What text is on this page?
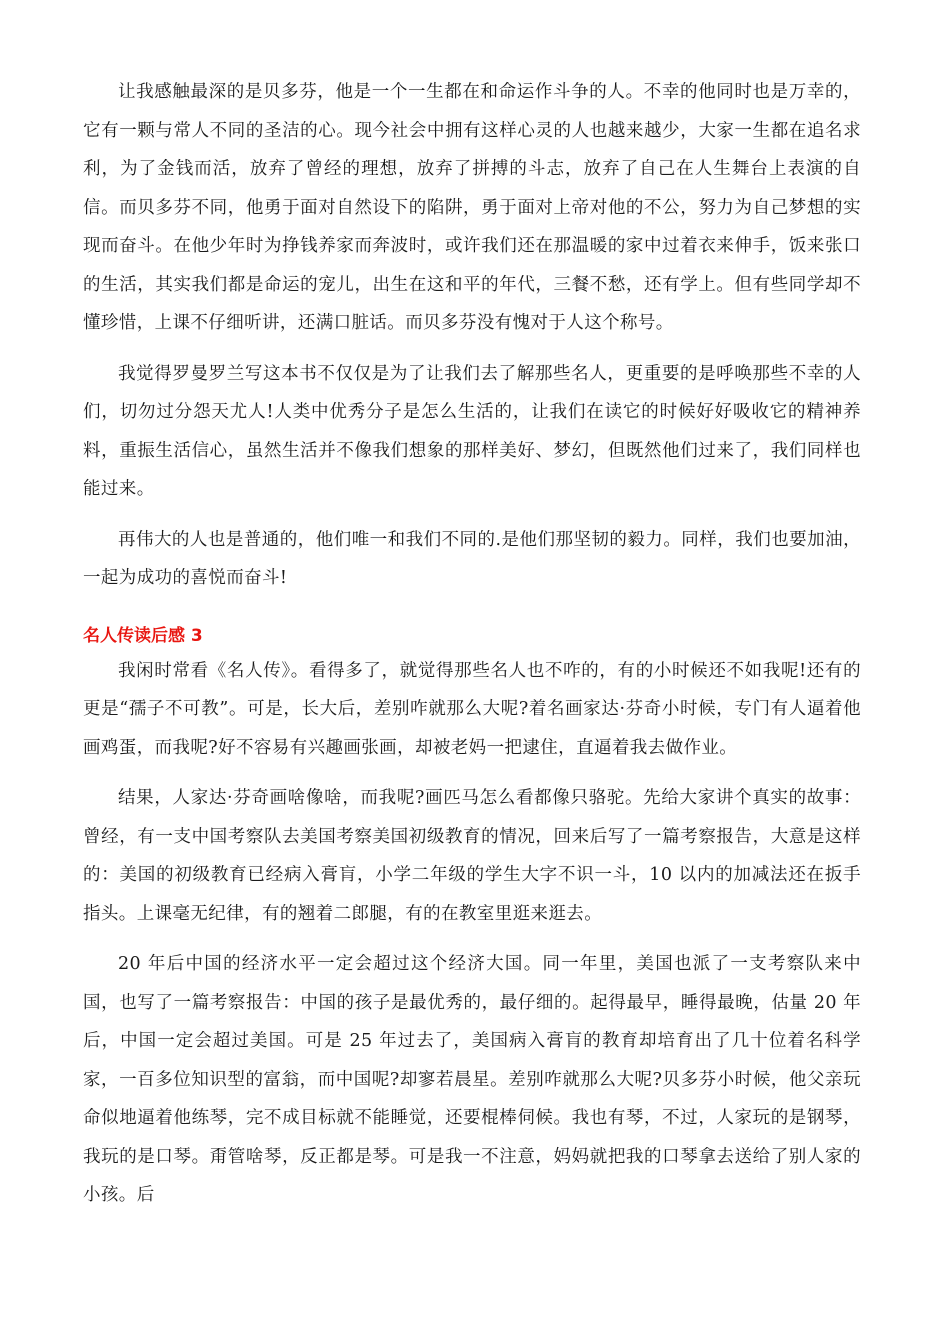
让我感触最深的是贝多芬，他是一个一生都在和命运作斗争的人。不幸的他同时也是万幸的，它有一颗与常人不同的圣洁的心。现今社会中拥有这样心灵的人也越来越少，大家一生都在追名求利，为了金钱而活，放弃了曾经的理想，放弃了拼搏的斗志，放弃了自己在人生舞台上表演的自信。而贝多芬不同，他勇于面对自然设下的陷阱，勇于面对上帝对他的不公，努力为自己梦想的实现而奋斗。在他少年时为挣钱养家而奔波时，或许我们还在那温暖的家中过着衣来伸手，饭来张口的生活，其实我们都是命运的宠儿，出生在这和平的年代，三餐不愁，还有学上。但有些同学却不懂珍惜，上课不仔细听讲，还满口脏话。而贝多芬没有愧对于人这个称号。

我觉得罗曼罗兰写这本书不仅仅是为了让我们去了解那些名人，更重要的是呼唤那些不幸的人们，切勿过分怨天尤人!人类中优秀分子是怎么生活的，让我们在读它的时候好好吸收它的精神养料，重振生活信心，虽然生活并不像我们想象的那样美好、梦幻，但既然他们过来了，我们同样也能过来。

再伟大的人也是普通的，他们唯一和我们不同的.是他们那坚韧的毅力。同样，我们也要加油，一起为成功的喜悦而奋斗!

名人传读后感 3

我闲时常看《名人传》。看得多了，就觉得那些名人也不咋的，有的小时候还不如我呢!还有的更是“孺子不可教”。可是，长大后，差别咋就那么大呢?着名画家达·芬奇小时候，专门有人逼着他画鸡蛋，而我呢?好不容易有兴趣画张画，却被老妈一把逮住，直逼着我去做作业。

结果，人家达·芬奇画啥像啥，而我呢?画匹马怎么看都像只骆驼。先给大家讲个真实的故事：曾经，有一支中国考察队去美国考察美国初级教育的情况，回来后写了一篇考察报告，大意是这样的：美国的初级教育已经病入膏肓，小学二年级的学生大字不识一斗，10 以内的加减法还在扳手指头。上课毫无纪律，有的翘着二郎腿，有的在教室里逛来逛去。

20 年后中国的经济水平一定会超过这个经济大国。同一年里，美国也派了一支考察队来中国，也写了一篇考察报告：中国的孩子是最优秀的，最仔细的。起得最早，睡得最晚，估量 20 年后，中国一定会超过美国。可是 25 年过去了，美国病入膏肓的教育却培育出了几十位着名科学家，一百多位知识型的富翁，而中国呢?却寥若晨星。差别咋就那么大呢?贝多芬小时候，他父亲玩命似地逼着他练琴，完不成目标就不能睡觉，还要棍棒伺候。我也有琴，不过，人家玩的是钢琴，我玩的是口琴。甭管啥琴，反正都是琴。可是我一不注意，妈妈就把我的口琴拿去送给了别人家的小孩。后
